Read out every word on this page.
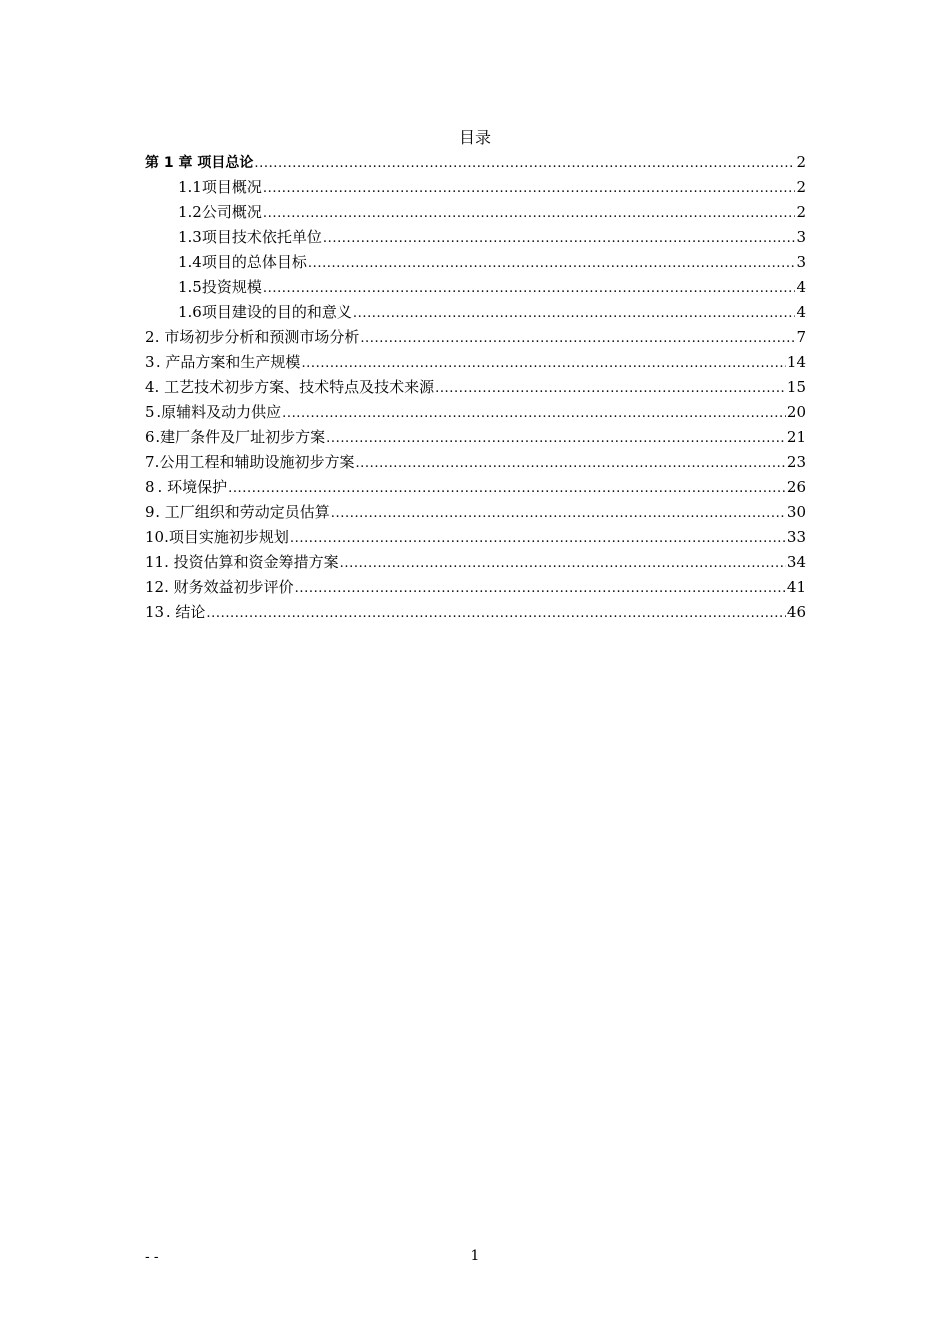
目录
第 1 章 项目总论 .....	2
1.1 项目概况 .....	2
1.2 公司概况 .....	2
1.3 项目技术依托单位 .....	3
1.4 项目的总体目标 .....	3
1.5 投资规模 .....	4
1.6 项目建设的目的和意义 .....	4
2 . 市场初步分析和预测市场分析 .....	7
3 . 产品方案和生产规模 .....	14
4 . 工艺技术初步方案、技术特点及技术来源 .....	15
5 .原辅料及动力供应 .....	20
6 .建厂条件及厂址初步方案 .....	21
7 .公用工程和辅助设施初步方案 .....	23
8 . 环境保护 .....	26
9 . 工厂组织和劳动定员估算 .....	30
10 .项目实施初步规划 .....	33
11 . 投资估算和资金筹措方案 .....	34
12 . 财务效益初步评价 .....	41
13 . 结论 .....	46
- -	1
